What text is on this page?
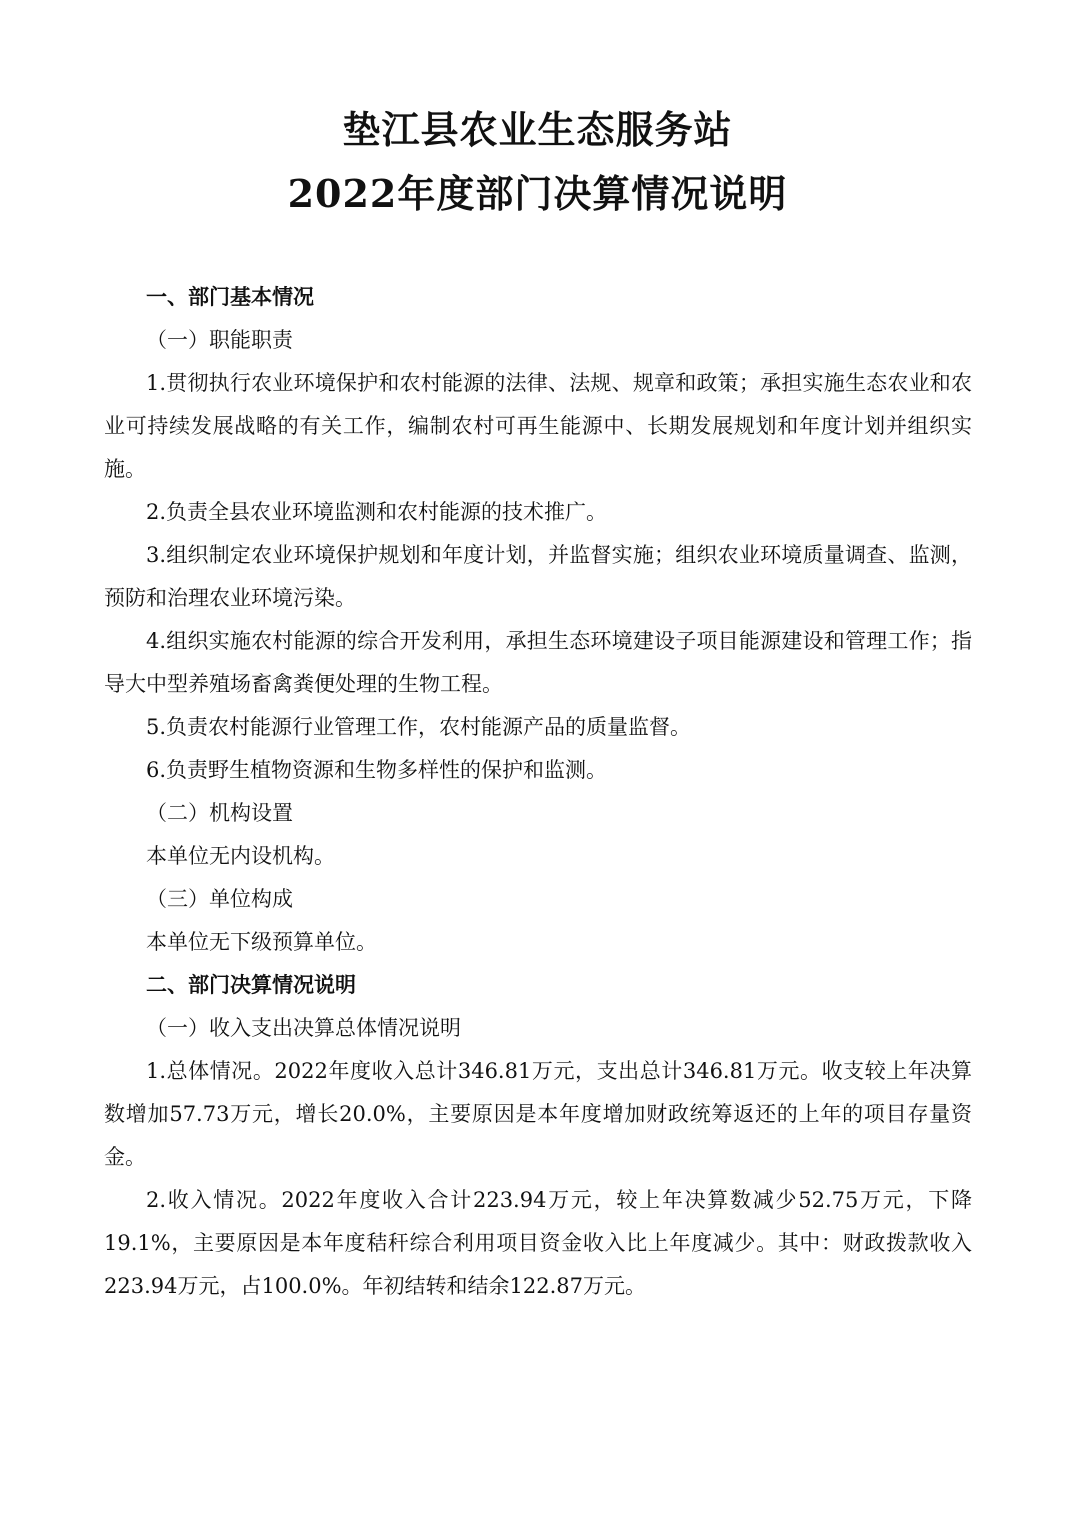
垫江县农业生态服务站
2022年度部门决算情况说明

一、部门基本情况

（一）职能职责

1.贯彻执行农业环境保护和农村能源的法律、法规、规章和政策；承担实施生态农业和农业可持续发展战略的有关工作，编制农村可再生能源中、长期发展规划和年度计划并组织实施。

2.负责全县农业环境监测和农村能源的技术推广。

3.组织制定农业环境保护规划和年度计划，并监督实施；组织农业环境质量调查、监测，预防和治理农业环境污染。

4.组织实施农村能源的综合开发利用，承担生态环境建设子项目能源建设和管理工作；指导大中型养殖场畜禽粪便处理的生物工程。

5.负责农村能源行业管理工作，农村能源产品的质量监督。

6.负责野生植物资源和生物多样性的保护和监测。

（二）机构设置

本单位无内设机构。

（三）单位构成

本单位无下级预算单位。

二、部门决算情况说明

（一）收入支出决算总体情况说明

1.总体情况。2022年度收入总计346.81万元，支出总计346.81万元。收支较上年决算数增加57.73万元，增长20.0%，主要原因是本年度增加财政统筹返还的上年的项目存量资金。

2.收入情况。2022年度收入合计223.94万元，较上年决算数减少52.75万元，下降19.1%，主要原因是本年度秸秆综合利用项目资金收入比上年度减少。其中：财政拨款收入223.94万元，占100.0%。年初结转和结余122.87万元。
